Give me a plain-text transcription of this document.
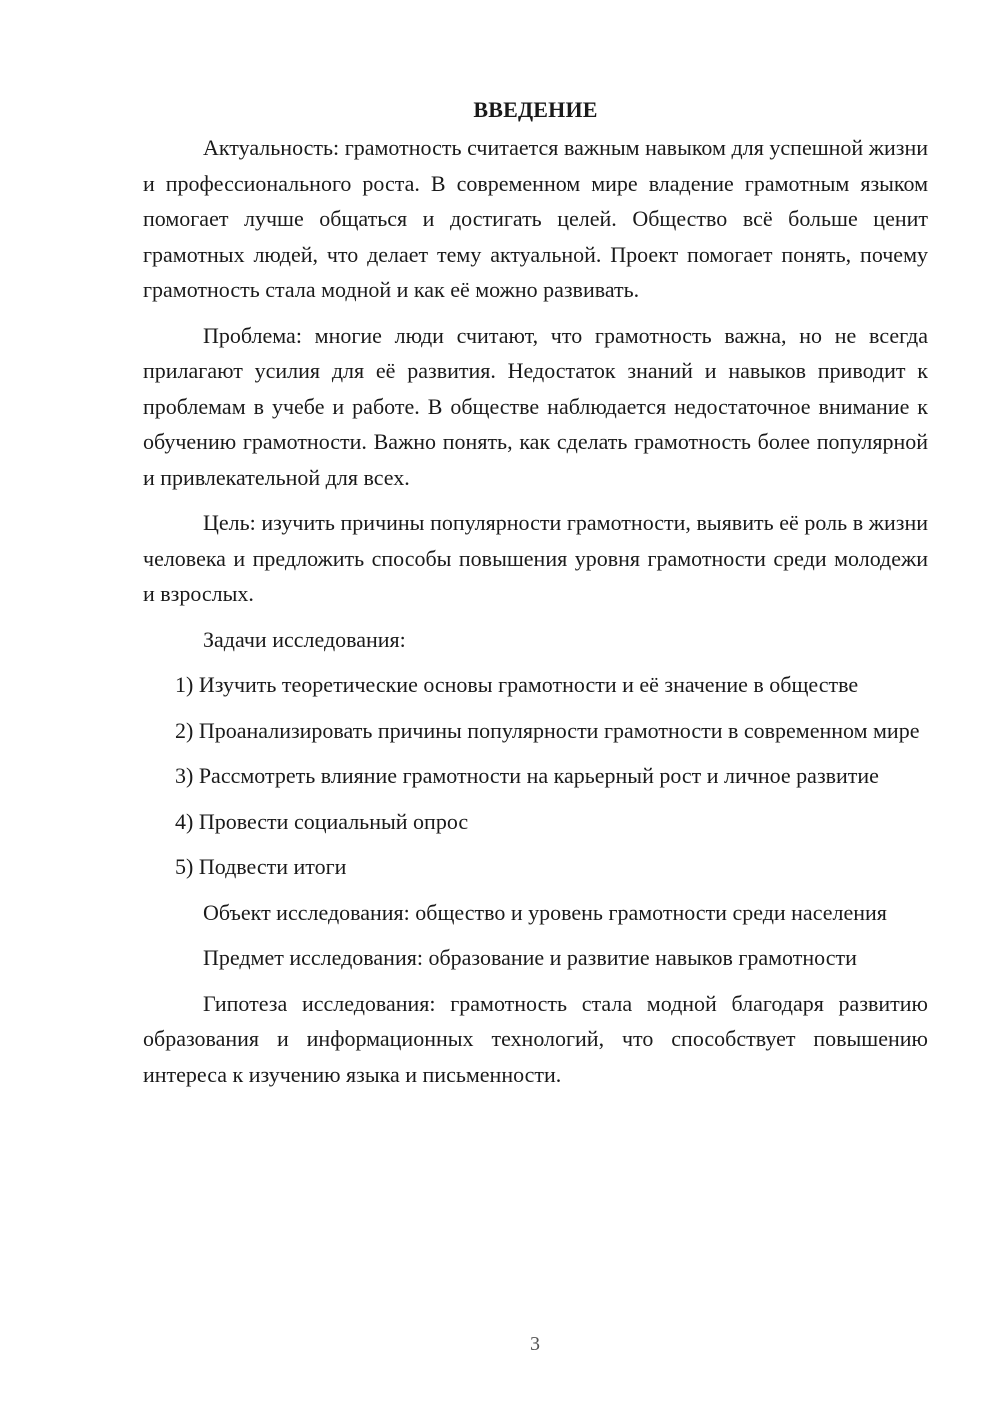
ВВЕДЕНИЕ

Актуальность: грамотность считается важным навыком для успешной жизни и профессионального роста. В современном мире владение грамотным языком помогает лучше общаться и достигать целей. Общество всё больше ценит грамотных людей, что делает тему актуальной. Проект помогает понять, почему грамотность стала модной и как её можно развивать.

Проблема: многие люди считают, что грамотность важна, но не всегда прилагают усилия для её развития. Недостаток знаний и навыков приводит к проблемам в учебе и работе. В обществе наблюдается недостаточное внимание к обучению грамотности. Важно понять, как сделать грамотность более популярной и привлекательной для всех.

Цель: изучить причины популярности грамотности, выявить её роль в жизни человека и предложить способы повышения уровня грамотности среди молодежи и взрослых.

Задачи исследования:

1) Изучить теоретические основы грамотности и её значение в обществе

2) Проанализировать причины популярности грамотности в современном мире

3) Рассмотреть влияние грамотности на карьерный рост и личное развитие

4) Провести социальный опрос

5) Подвести итоги

Объект исследования: общество и уровень грамотности среди населения

Предмет исследования: образование и развитие навыков грамотности

Гипотеза исследования: грамотность стала модной благодаря развитию образования и информационных технологий, что способствует повышению интереса к изучению языка и письменности.

3
